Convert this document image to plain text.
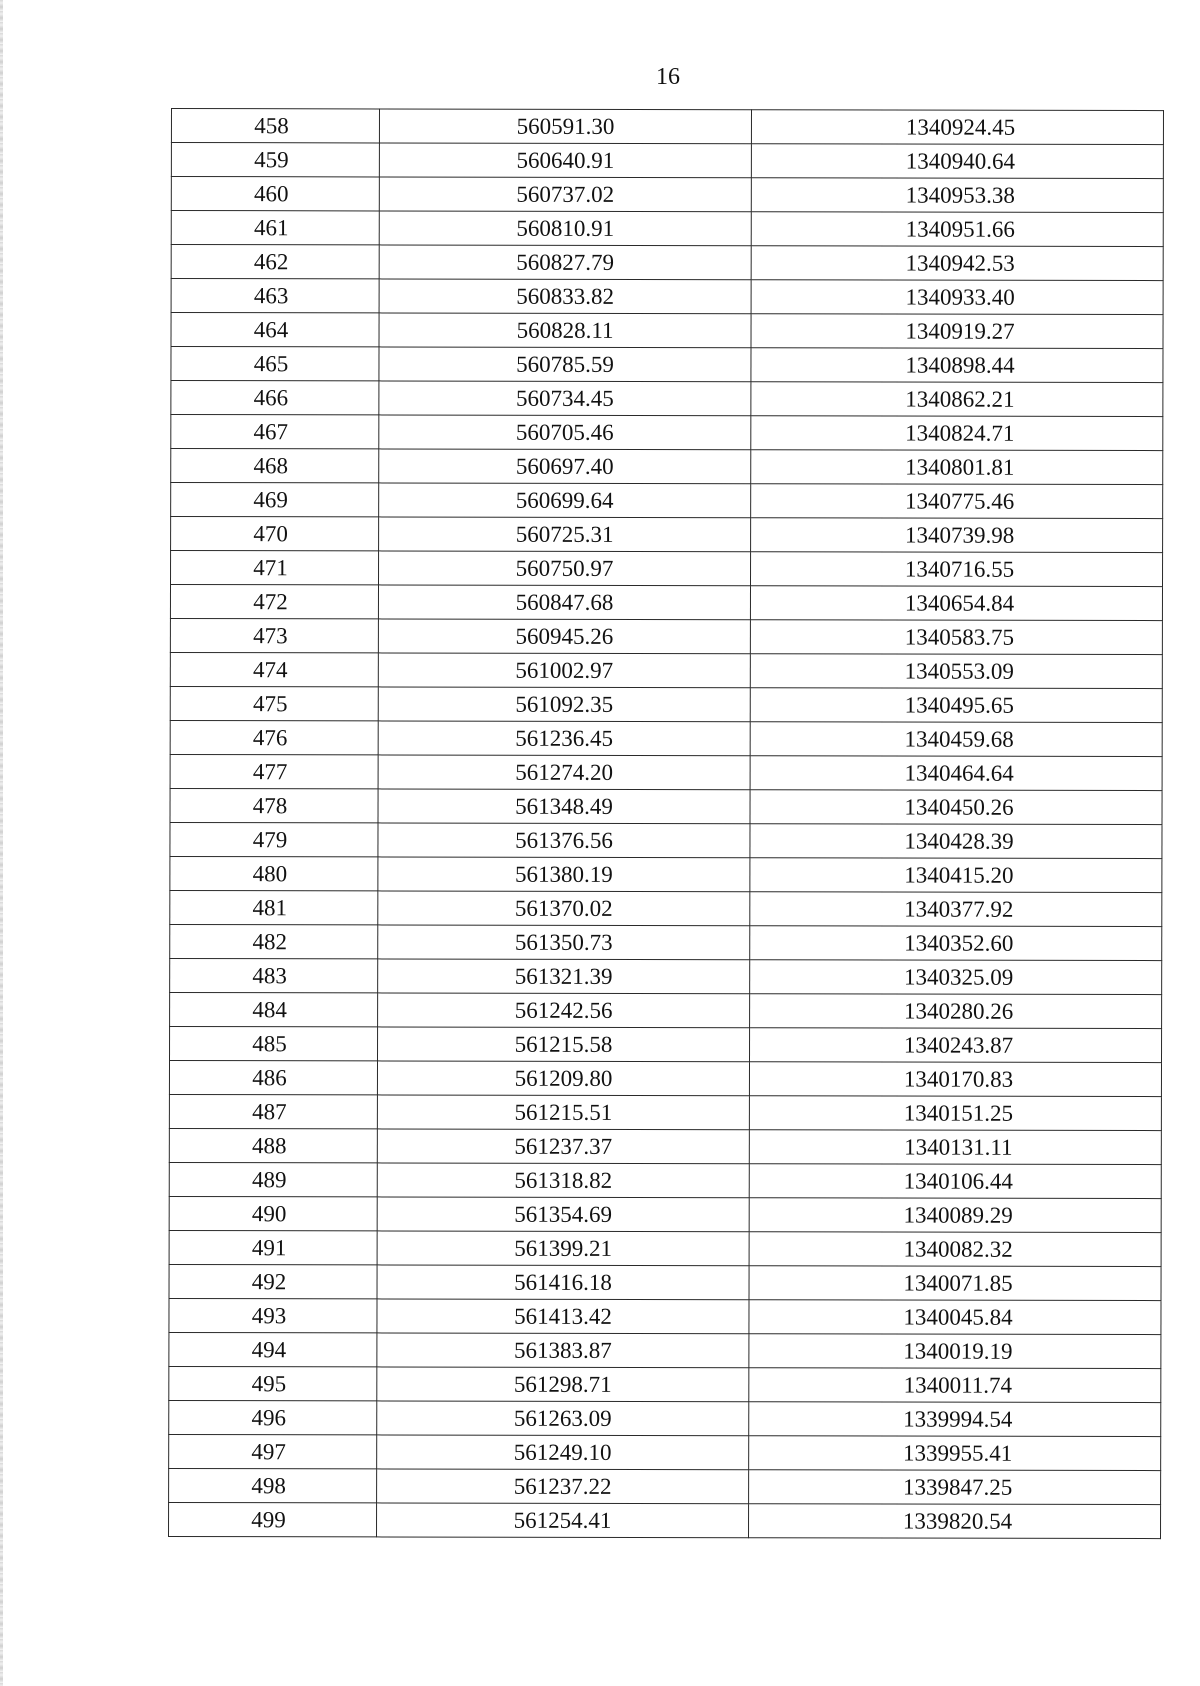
16
458	560591.30	1340924.45
459	560640.91	1340940.64
460	560737.02	1340953.38
461	560810.91	1340951.66
462	560827.79	1340942.53
463	560833.82	1340933.40
464	560828.11	1340919.27
465	560785.59	1340898.44
466	560734.45	1340862.21
467	560705.46	1340824.71
468	560697.40	1340801.81
469	560699.64	1340775.46
470	560725.31	1340739.98
471	560750.97	1340716.55
472	560847.68	1340654.84
473	560945.26	1340583.75
474	561002.97	1340553.09
475	561092.35	1340495.65
476	561236.45	1340459.68
477	561274.20	1340464.64
478	561348.49	1340450.26
479	561376.56	1340428.39
480	561380.19	1340415.20
481	561370.02	1340377.92
482	561350.73	1340352.60
483	561321.39	1340325.09
484	561242.56	1340280.26
485	561215.58	1340243.87
486	561209.80	1340170.83
487	561215.51	1340151.25
488	561237.37	1340131.11
489	561318.82	1340106.44
490	561354.69	1340089.29
491	561399.21	1340082.32
492	561416.18	1340071.85
493	561413.42	1340045.84
494	561383.87	1340019.19
495	561298.71	1340011.74
496	561263.09	1339994.54
497	561249.10	1339955.41
498	561237.22	1339847.25
499	561254.41	1339820.54
